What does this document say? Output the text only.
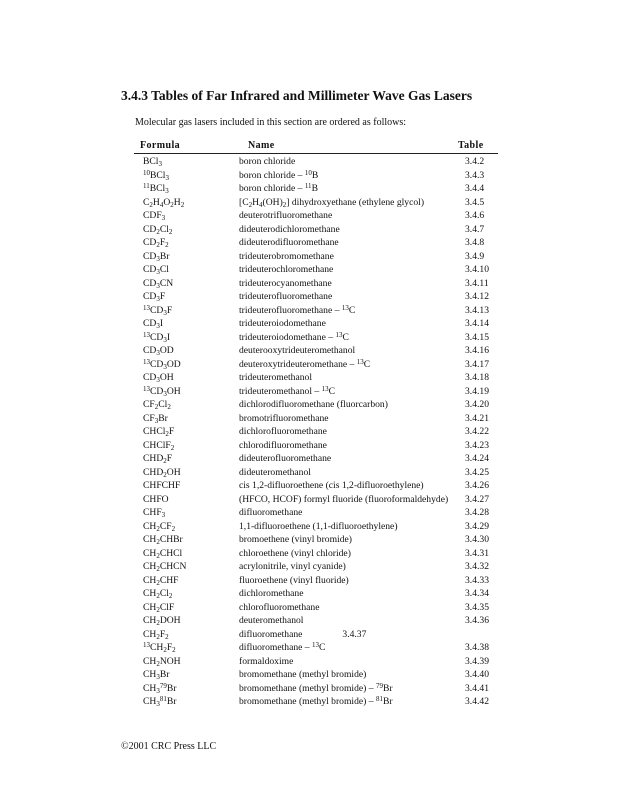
3.4.3 Tables of Far Infrared and Millimeter Wave Gas Lasers
Molecular gas lasers included in this section are ordered as follows:
Formula	Name	Table
BCl$_3$	boron chloride	3.4.2
$^{10}$BCl$_3$	boron chloride – $^{10}$B	3.4.3
$^{11}$BCl$_3$	boron chloride – $^{11}$B	3.4.4
$C_2H_4O_2H_2$	$[C_2H_4(OH)_2]$ dihydroxyethane (ethylene glycol)	3.4.5
$CDF_3$	deuterotrifluoromethane	3.4.6
$CD_2Cl_2$	dideuterodichloromethane	3.4.7
$CD_2F_2$	dideuterodifluoromethane	3.4.8
$CD_3Br$	trideuterobromomethane	3.4.9
$CD_3Cl$	trideuterochloromethane	3.4.10
$CD_3CN$	trideuterocyanomethane	3.4.11
$CD_3F$	trideuterofluoromethane	3.4.12
$^{13}CD_3F$	trideuterofluoromethane – $^{13}$C	3.4.13
$CD_3I$	trideuteroiodomethane	3.4.14
$^{13}CD_3I$	trideuteroiodomethane – $^{13}$C	3.4.15
$CD_3OD$	deuterooxytrideuteromethanol	3.4.16
$^{13}CD_3OD$	deuteroxytrideuteromethane – $^{13}$C	3.4.17
$CD_3OH$	trideuteromethanol	3.4.18
$^{13}CD_3OH$	trideuteromethanol – $^{13}$C	3.4.19
$CF_2Cl_2$	dichlorodifluoromethane (fluorcarbon)	3.4.20
$CF_3Br$	bromotrifluoromethane	3.4.21
CHCl$_2$F	dichlorofluoromethane	3.4.22
CHClF$_2$	chlorodifluoromethane	3.4.23
$CHD_2F$	dideuterofluoromethane	3.4.24
$CHD_2OH$	dideuteromethanol	3.4.25
CHFCHF	cis 1,2-difluoroethene (cis 1,2-difluoroethylene)	3.4.26
CHFO	(HFCO, HCOF) formyl fluoride (fluoroformaldehyde)	3.4.27
$CHF_3$	difluoromethane	3.4.28
$CH_2CF_2$	1,1-difluoroethene (1,1-difluoroethylene)	3.4.29
$CH_2CHBr$	bromoethene (vinyl bromide)	3.4.30
$CH_2CHCl$	chloroethene (vinyl chloride)	3.4.31
$CH_2CHCN$	acrylonitrile, vinyl cyanide)	3.4.32
$CH_2CHF$	fluoroethene (vinyl fluoride)	3.4.33
$CH_2Cl_2$	dichloromethane	3.4.34
$CH_2ClF$	chlorofluoromethane	3.4.35
$CH_2DOH$	deuteromethanol	3.4.36
$CH_2F_2$	difluoromethane 3.4.37	
$^{13}CH_2F_2$	difluoromethane – $^{13}$C	3.4.38
$CH_2NOH$	formaldoxime	3.4.39
$CH_3Br$	bromomethane (methyl bromide)	3.4.40
$CH_3^{79}Br$	bromomethane (methyl bromide) – $^{79}$Br	3.4.41
$CH_3^{81}Br$	bromomethane (methyl bromide) – $^{81}$Br	3.4.42
©2001 CRC Press LLC
